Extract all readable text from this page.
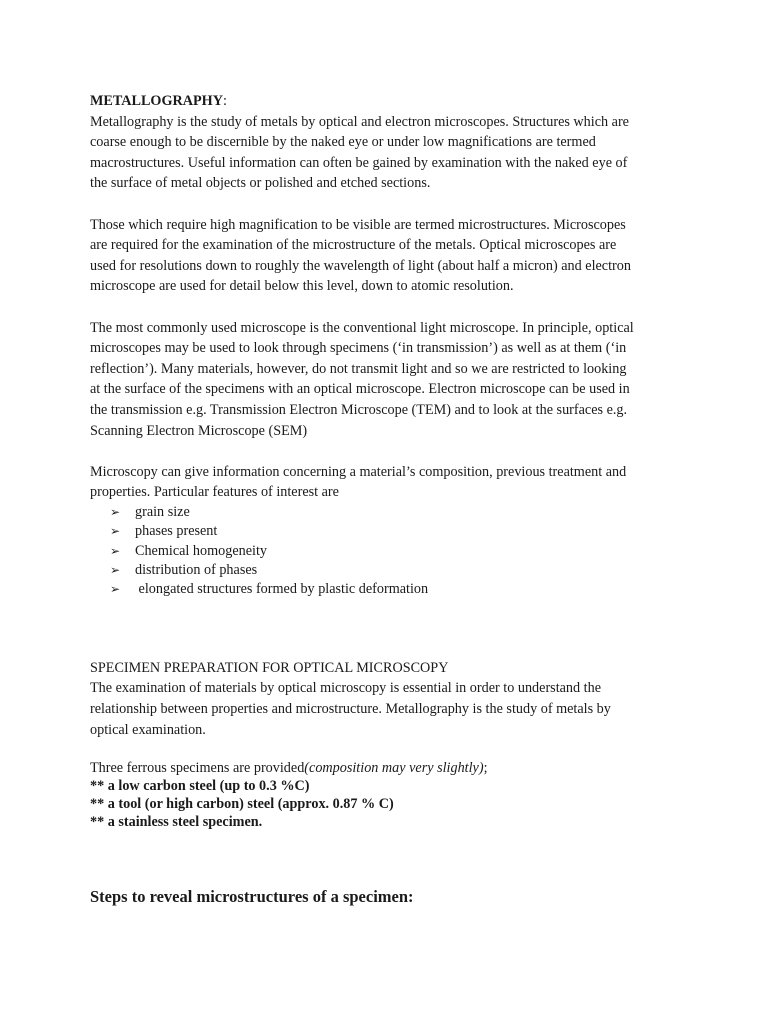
METALLOGRAPHY:

Metallography is the study of metals by optical and electron microscopes. Structures which are

coarse enough to be discernible by the naked eye or under low magnifications are termed

macrostructures. Useful information can often be gained by examination with the naked eye of

the surface of metal objects or polished and etched sections.

Those which require high magnification to be visible are termed microstructures. Microscopes

are required for the examination of the microstructure of the metals. Optical microscopes are

used for resolutions down to roughly the wavelength of light (about half a micron) and electron

microscope are used for detail below this level, down to atomic resolution.

The most commonly used microscope is the conventional light microscope. In principle, optical

microscopes may be used to look through specimens (‘in transmission’) as well as at them (‘in

reflection’). Many materials, however, do not transmit light and so we are restricted to looking

at the surface of the specimens with an optical microscope. Electron microscope can be used in

the transmission e.g. Transmission Electron Microscope (TEM) and to look at the surfaces e.g.

Scanning Electron Microscope (SEM)

Microscopy can give information concerning a material’s composition, previous treatment and

properties. Particular features of interest are

➢ grain size
➢ phases present
➢ Chemical homogeneity
➢ distribution of phases
➢ elongated structures formed by plastic deformation

SPECIMEN PREPARATION FOR OPTICAL MICROSCOPY

The examination of materials by optical microscopy is essential in order to understand the

relationship between properties and microstructure. Metallography is the study of metals by

optical examination.

Three ferrous specimens are provided(composition may very slightly);

** a low carbon steel (up to 0.3 %C)

** a tool (or high carbon) steel (approx. 0.87 % C)

** a stainless steel specimen.

Steps to reveal microstructures of a specimen:
